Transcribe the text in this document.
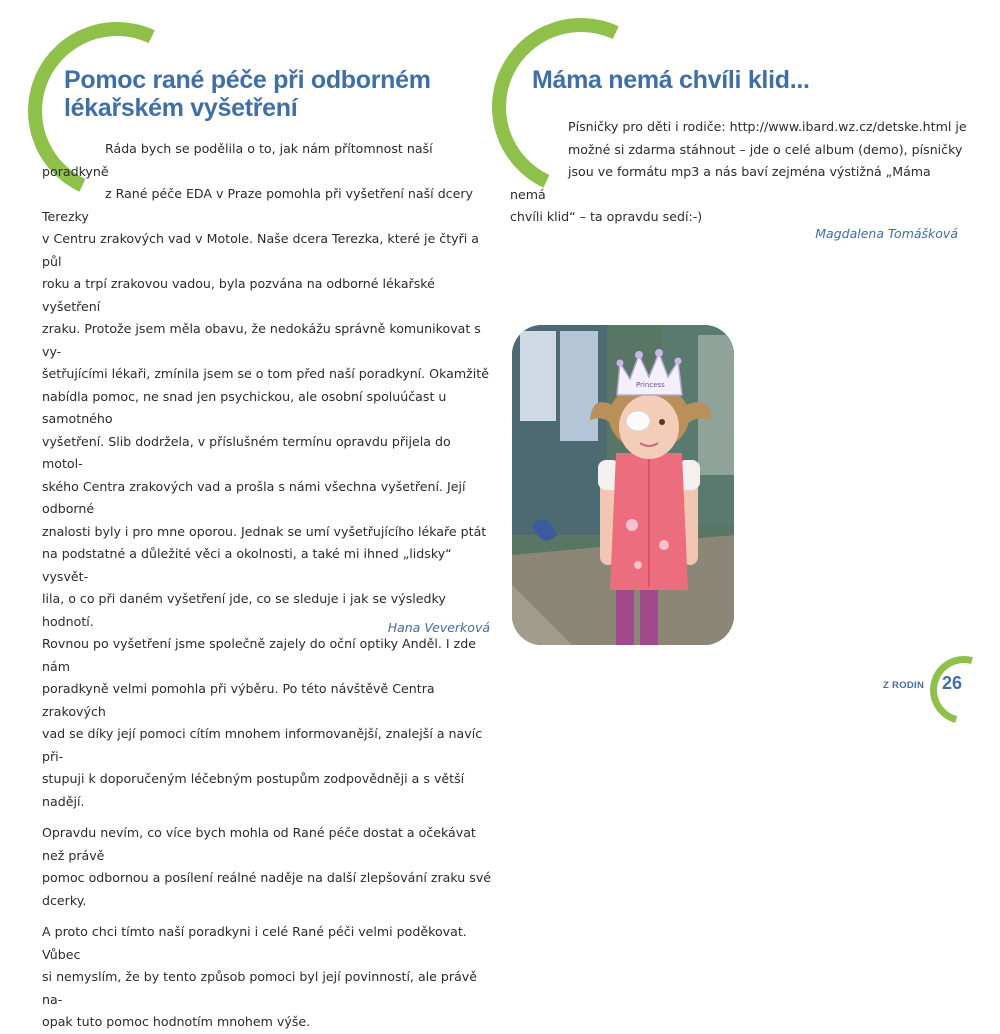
Pomoc rané péče při odborném
lékařském vyšetření

Ráda bych se podělila o to, jak nám přítomnost naší poradkyně
z Rané péče EDA v Praze pomohla při vyšetření naší dcery Terezky
v Centru zrakových vad v Motole. Naše dcera Terezka, které je čtyři a půl
roku a trpí zrakovou vadou, byla pozvána na odborné lékařské vyšetření
zraku. Protože jsem měla obavu, že nedokážu správně komunikovat s vy-
šetřujícími lékaři, zmínila jsem se o tom před naší poradkyní. Okamžitě
nabídla pomoc, ne snad jen psychickou, ale osobní spoluúčast u samotného
vyšetření. Slib dodržela, v příslušném termínu opravdu přijela do motol-
ského Centra zrakových vad a prošla s námi všechna vyšetření. Její odborné
znalosti byly i pro mne oporou. Jednak se umí vyšetřujícího lékaře ptát
na podstatné a důležité věci a okolnosti, a také mi ihned „lidsky“ vysvět-
lila, o co při daném vyšetření jde, co se sleduje i jak se výsledky hodnotí.
Rovnou po vyšetření jsme společně zajely do oční optiky Anděl. I zde nám
poradkyně velmi pomohla při výběru. Po této návštěvě Centra zrakových
vad se díky její pomoci cítím mnohem informovanější, znalejší a navíc při-
stupuji k doporučeným léčebným postupům zodpovědněji a s větší nadějí.

Opravdu nevím, co více bych mohla od Rané péče dostat a očekávat než právě
pomoc odbornou a posílení reálné naděje na další zlepšování zraku své dcerky.

A proto chci tímto naší poradkyni i celé Rané péči velmi poděkovat. Vůbec
si nemyslím, že by tento způsob pomoci byl její povinností, ale právě na-
opak tuto pomoc hodnotím mnohem výše.

Hana Veverková
Máma nemá chvíli klid...

Písničky pro děti i rodiče: http://www.ibard.wz.cz/detske.html je
možné si zdarma stáhnout – jde o celé album (demo), písničky
jsou ve formátu mp3 a nás baví zejména výstižná „Máma nemá
chvíli klid“ – ta opravdu sedí:-)

Magdalena Tomášková
Princess
Z RODIN 26
